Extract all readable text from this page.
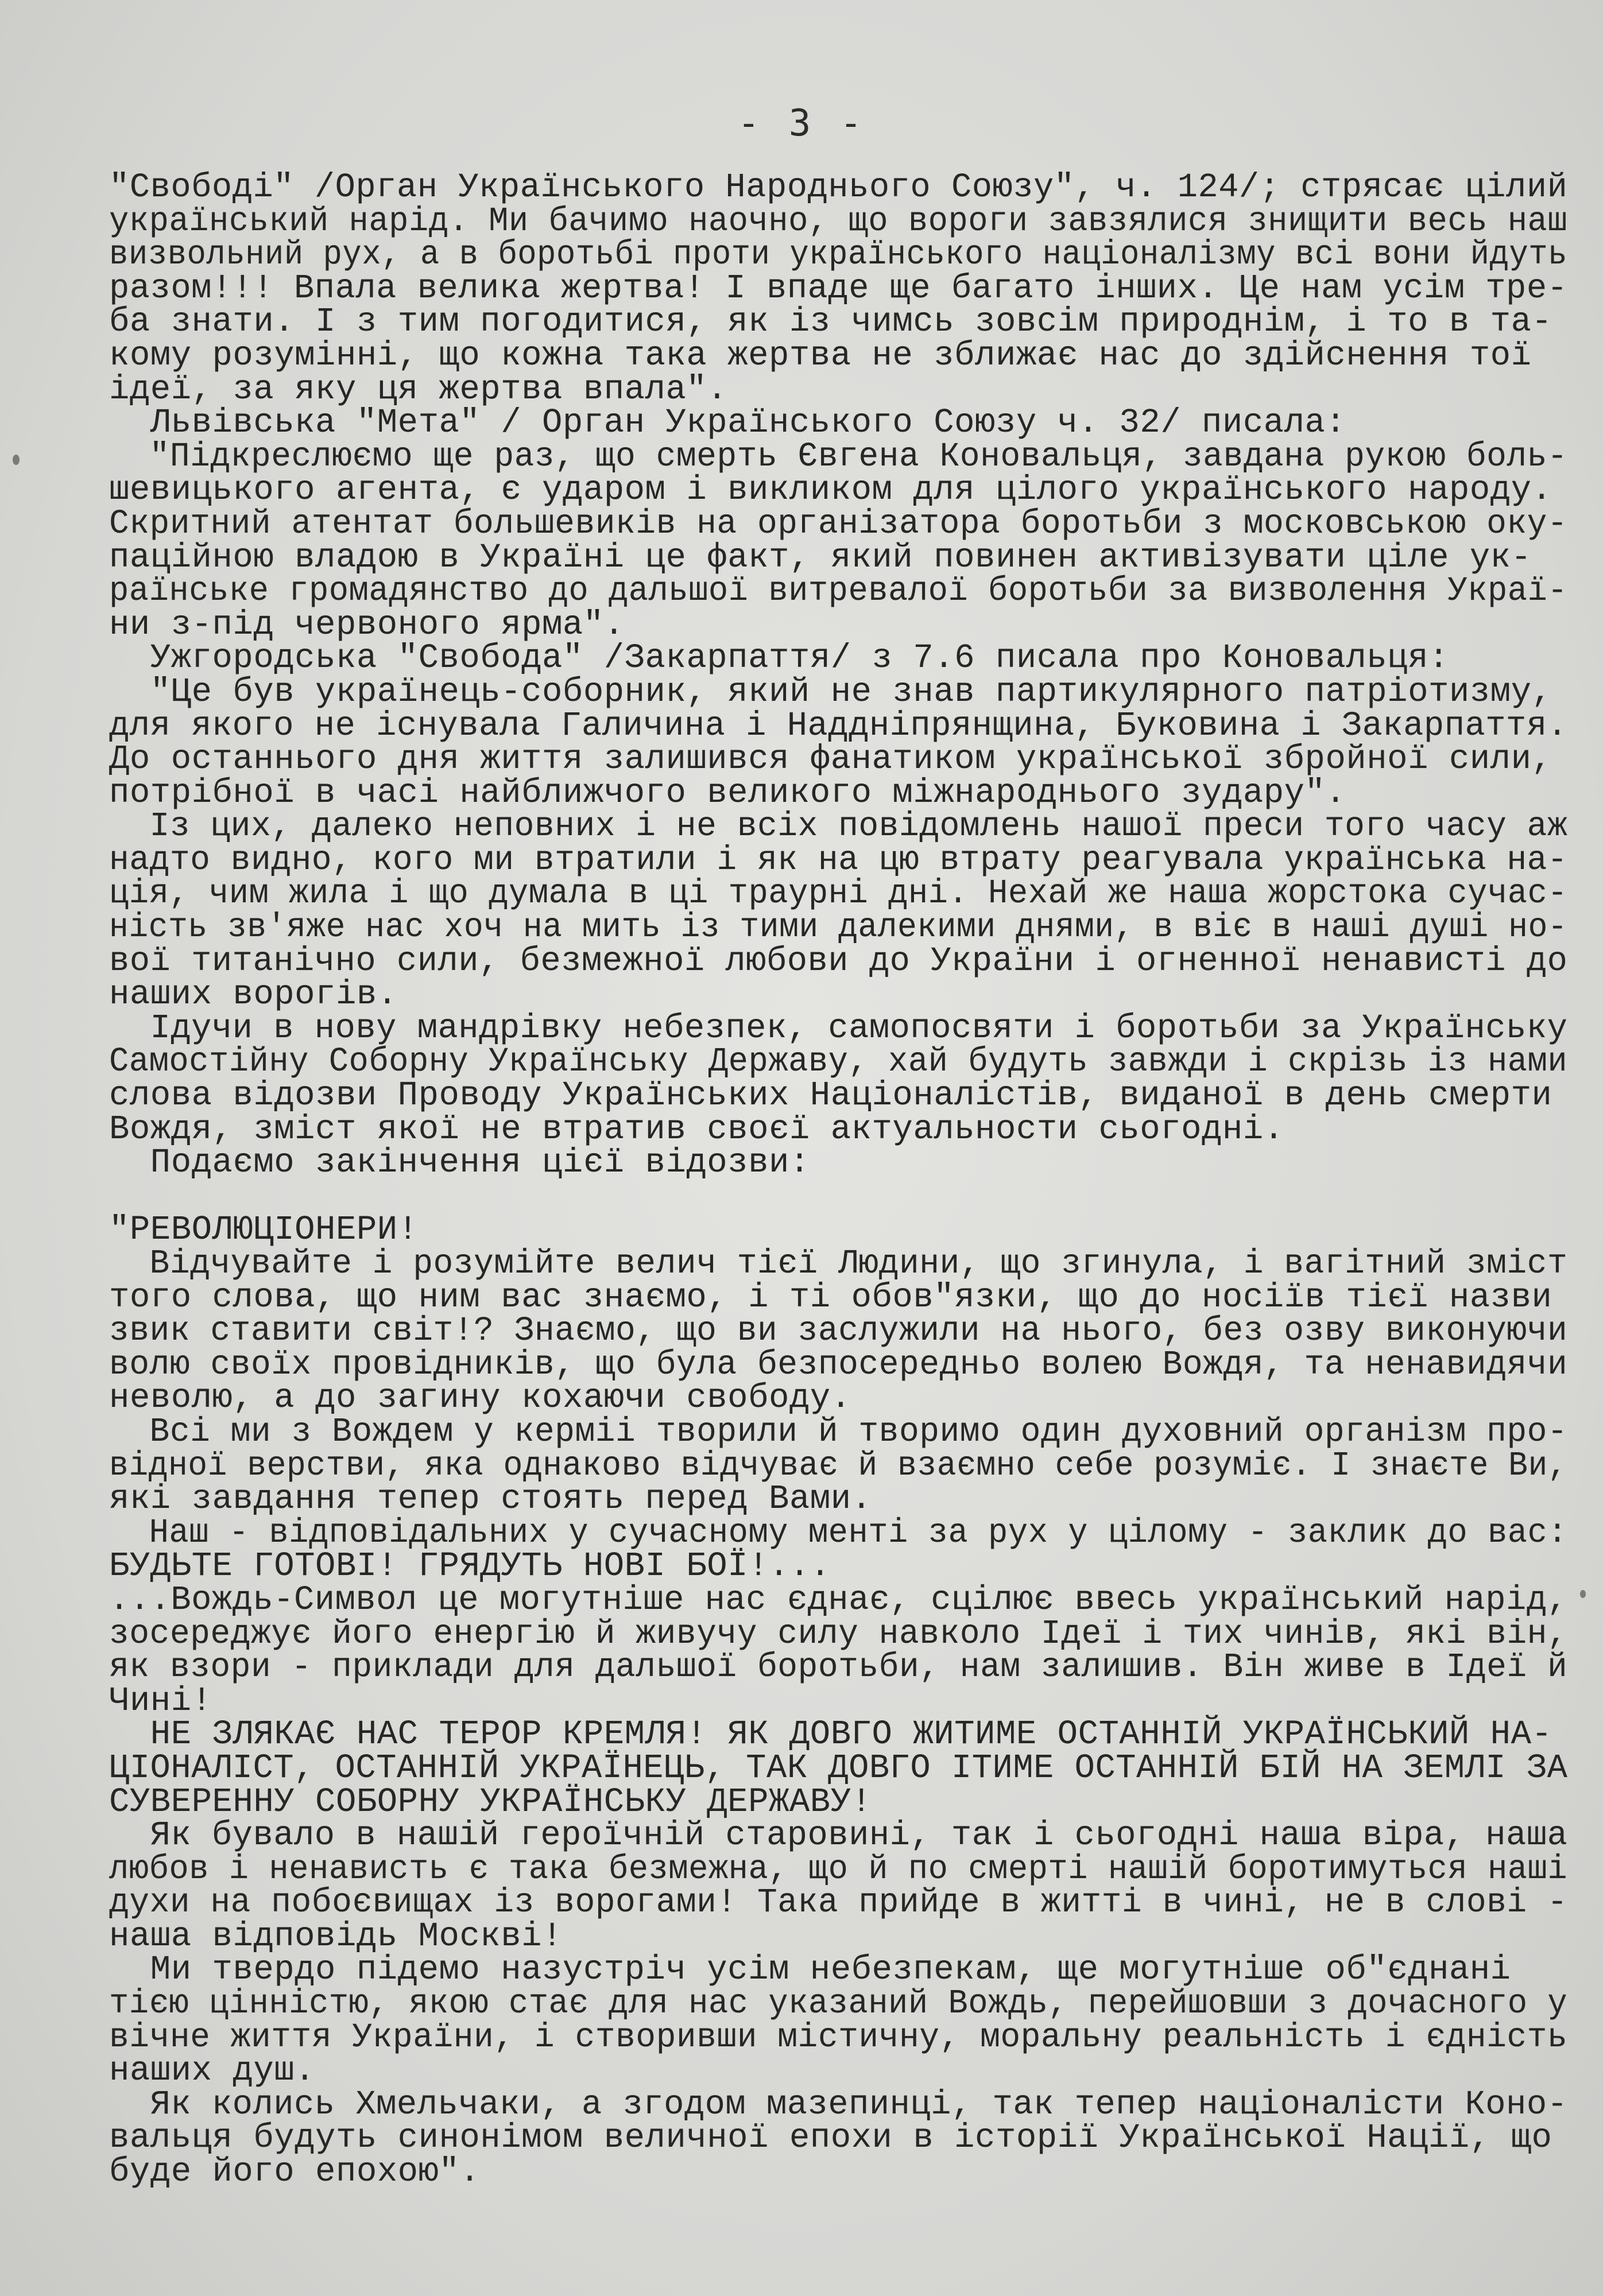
- 3 -
"Свободі" /Орган Українського Народнього Союзу", ч. 124/; стрясає цілий
український нарід. Ми бачимо наочно, що вороги завзялися знищити весь наш
визвольний рух, а в боротьбі проти українського націоналізму всі вони йдуть
разом!!! Впала велика жертва! І впаде ще багато інших. Це нам усім тре-
ба знати. І з тим погодитися, як із чимсь зовсім природнім, і то в та-
кому розумінні, що кожна така жертва не зближає нас до здійснення тої
ідеї, за яку ця жертва впала".
Львівська "Мета" / Орган Українського Союзу ч. 32/ писала:
"Підкреслюємо ще раз, що смерть Євгена Коновальця, завдана рукою боль-
шевицького агента, є ударом і викликом для цілого українського народу.
Скритний атентат большевиків на організатора боротьби з московською оку-
паційною владою в Україні це факт, який повинен активізувати ціле ук-
раїнське громадянство до дальшої витревалої боротьби за визволення Украї-
ни з-під червоного ярма".
Ужгородська "Свобода" /Закарпаття/ з 7.6 писала про Коновальця:
"Це був українець-соборник, який не знав партикулярного патріотизму,
для якого не існувала Галичина і Наддніпрянщина, Буковина і Закарпаття.
До останнього дня життя залишився фанатиком української збройної сили,
потрібної в часі найближчого великого міжнароднього зудару".
Із цих, далеко неповних і не всіх повідомлень нашої преси того часу аж
надто видно, кого ми втратили і як на цю втрату реагувала українська на-
ція, чим жила і що думала в ці траурні дні. Нехай же наша жорстока сучас-
ність зв'яже нас хоч на мить із тими далекими днями, в віє в наші душі но-
вої титанічно сили, безмежної любови до України і огненної ненависті до
наших ворогів.
Ідучи в нову мандрівку небезпек, самопосвяти і боротьби за Українську
Самостійну Соборну Українську Державу, хай будуть завжди і скрізь із нами
слова відозви Проводу Українських Націоналістів, виданої в день смерти
Вождя, зміст якої не втратив своєї актуальности сьогодні.
Подаємо закінчення цієї відозви:
"РЕВОЛЮЦІОНЕРИ!
Відчувайте і розумійте велич тієї Людини, що згинула, і вагітний зміст
того слова, що ним вас знаємо, і ті обов"язки, що до носіїв тієї назви
звик ставити світ!? Знаємо, що ви заслужили на нього, без озву виконуючи
волю своїх провідників, що була безпосередньо волею Вождя, та ненавидячи
неволю, а до загину кохаючи свободу.
Всі ми з Вождем у керміі творили й творимо один духовний організм про-
відної верстви, яка однаково відчуває й взаємно себе розуміє. І знаєте Ви,
які завдання тепер стоять перед Вами.
Наш - відповідальних у сучасному менті за рух у цілому - заклик до вас:
БУДЬТЕ ГОТОВІ! ГРЯДУТЬ НОВІ БОЇ!...
...Вождь-Символ це могутніше нас єднає, сцілює ввесь український нарід,
зосереджує його енергію й живучу силу навколо Ідеї і тих чинів, які він,
як взори - приклади для дальшої боротьби, нам залишив. Він живе в Ідеї й
Чині!
НЕ ЗЛЯКАЄ НАС ТЕРОР КРЕМЛЯ! ЯК ДОВГО ЖИТИМЕ ОСТАННІЙ УКРАЇНСЬКИЙ НА-
ЦІОНАЛІСТ, ОСТАННІЙ УКРАЇНЕЦЬ, ТАК ДОВГО ІТИМЕ ОСТАННІЙ БІЙ НА ЗЕМЛІ ЗА
СУВЕРЕННУ СОБОРНУ УКРАЇНСЬКУ ДЕРЖАВУ!
Як бувало в нашій героїчній старовині, так і сьогодні наша віра, наша
любов і ненависть є така безмежна, що й по смерті нашій боротимуться наші
духи на побоєвищах із ворогами! Така прийде в житті в чині, не в слові -
наша відповідь Москві!
Ми твердо підемо назустріч усім небезпекам, ще могутніше об"єднані
тією цінністю, якою стає для нас указаний Вождь, перейшовши з дочасного у
вічне життя України, і створивши містичну, моральну реальність і єдність
наших душ.
Як колись Хмельчаки, а згодом мазепинці, так тепер націоналісти Коно-
вальця будуть синонімом величної епохи в історії Української Нації, що
буде його епохою".
